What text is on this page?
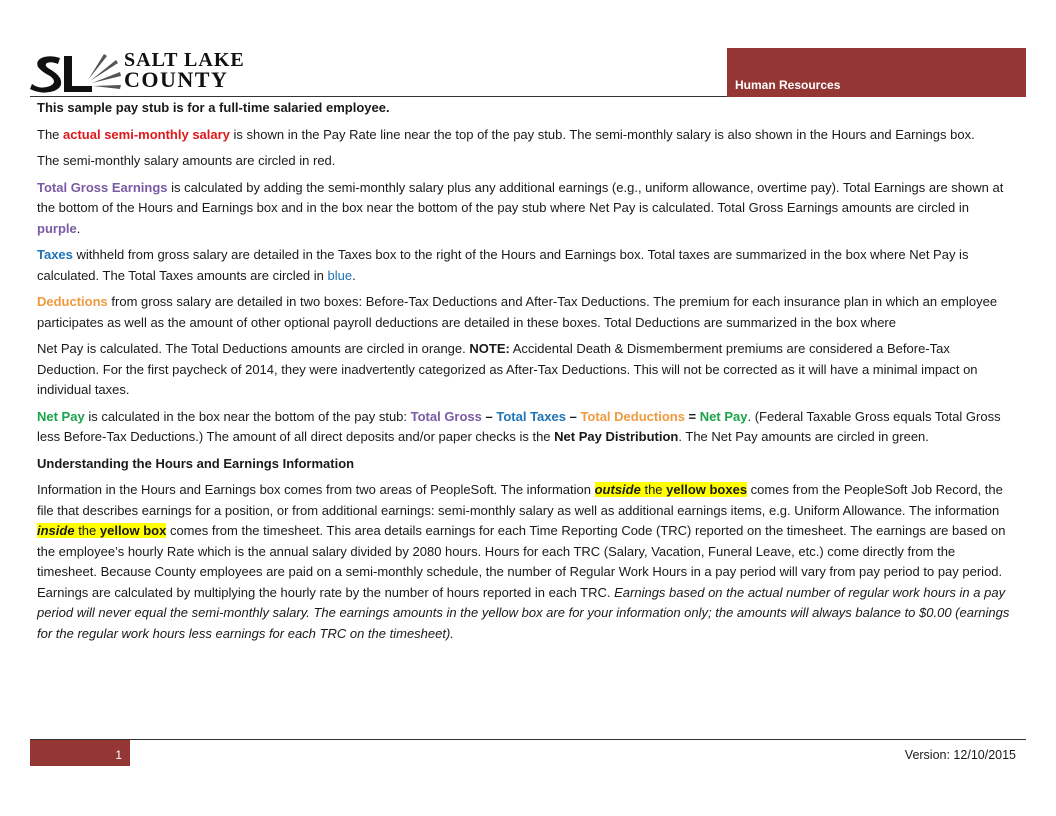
SALT LAKE
COUNTY	Human Resources

This sample pay stub is for a full-time salaried employee.

The actual semi-monthly salary is shown in the Pay Rate line near the top of the pay stub. The semi-monthly salary is also shown in the Hours and Earnings box.

The semi-monthly salary amounts are circled in red.

Total Gross Earnings is calculated by adding the semi-monthly salary plus any additional earnings (e.g., uniform allowance, overtime pay). Total Earnings are shown at the bottom of the Hours and Earnings box and in the box near the bottom of the pay stub where Net Pay is calculated. Total Gross Earnings amounts are circled in purple.

Taxes withheld from gross salary are detailed in the Taxes box to the right of the Hours and Earnings box. Total taxes are summarized in the box where Net Pay is calculated. The Total Taxes amounts are circled in blue.

Deductions from gross salary are detailed in two boxes: Before-Tax Deductions and After-Tax Deductions. The premium for each insurance plan in which an employee participates as well as the amount of other optional payroll deductions are detailed in these boxes. Total Deductions are summarized in the box where

Net Pay is calculated. The Total Deductions amounts are circled in orange. NOTE: Accidental Death & Dismemberment premiums are considered a Before-Tax Deduction. For the first paycheck of 2014, they were inadvertently categorized as After-Tax Deductions. This will not be corrected as it will have a minimal impact on individual taxes.

Net Pay is calculated in the box near the bottom of the pay stub: Total Gross – Total Taxes – Total Deductions = Net Pay. (Federal Taxable Gross equals Total Gross less Before-Tax Deductions.) The amount of all direct deposits and/or paper checks is the Net Pay Distribution. The Net Pay amounts are circled in green.

Understanding the Hours and Earnings Information

Information in the Hours and Earnings box comes from two areas of PeopleSoft. The information outside the yellow boxes comes from the PeopleSoft Job Record, the file that describes earnings for a position, or from additional earnings: semi-monthly salary as well as additional earnings items, e.g. Uniform Allowance. The information inside the yellow box comes from the timesheet. This area details earnings for each Time Reporting Code (TRC) reported on the timesheet. The earnings are based on the employee’s hourly Rate which is the annual salary divided by 2080 hours. Hours for each TRC (Salary, Vacation, Funeral Leave, etc.) come directly from the timesheet. Because County employees are paid on a semi-monthly schedule, the number of Regular Work Hours in a pay period will vary from pay period to pay period. Earnings are calculated by multiplying the hourly rate by the number of hours reported in each TRC. Earnings based on the actual number of regular work hours in a pay period will never equal the semi-monthly salary. The earnings amounts in the yellow box are for your information only; the amounts will always balance to $0.00 (earnings for the regular work hours less earnings for each TRC on the timesheet).

1	Version: 12/10/2015
